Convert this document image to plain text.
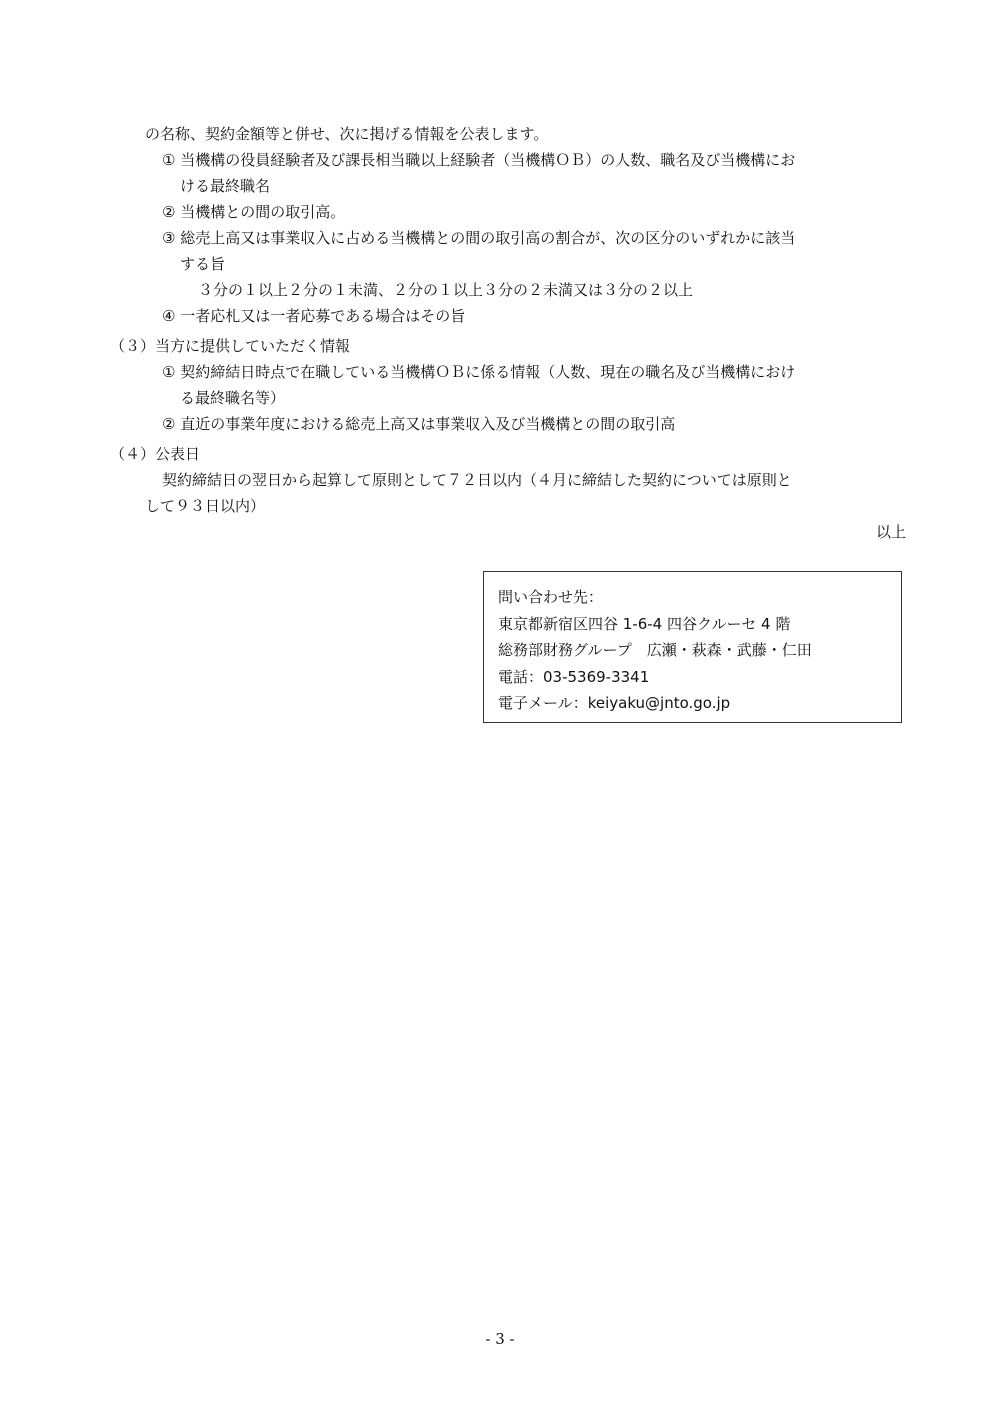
の名称、契約金額等と併せ、次に掲げる情報を公表します。
① 当機構の役員経験者及び課長相当職以上経験者（当機構ＯＢ）の人数、職名及び当機構にお
ける最終職名
② 当機構との間の取引高。
③ 総売上高又は事業収入に占める当機構との間の取引高の割合が、次の区分のいずれかに該当
する旨
３分の１以上２分の１未満、２分の１以上３分の２未満又は３分の２以上
④ 一者応札又は一者応募である場合はその旨
（３）当方に提供していただく情報
① 契約締結日時点で在職している当機構ＯＢに係る情報（人数、現在の職名及び当機構におけ
る最終職名等）
② 直近の事業年度における総売上高又は事業収入及び当機構との間の取引高
（４）公表日
契約締結日の翌日から起算して原則として７２日以内（４月に締結した契約については原則と
して９３日以内）
以上
問い合わせ先：
東京都新宿区四谷 1-6-4 四谷クルーセ 4 階
総務部財務グループ　広瀬・萩森・武藤・仁田
電話：03-5369-3341
電子メール：keiyaku@jnto.go.jp
- 3 -
